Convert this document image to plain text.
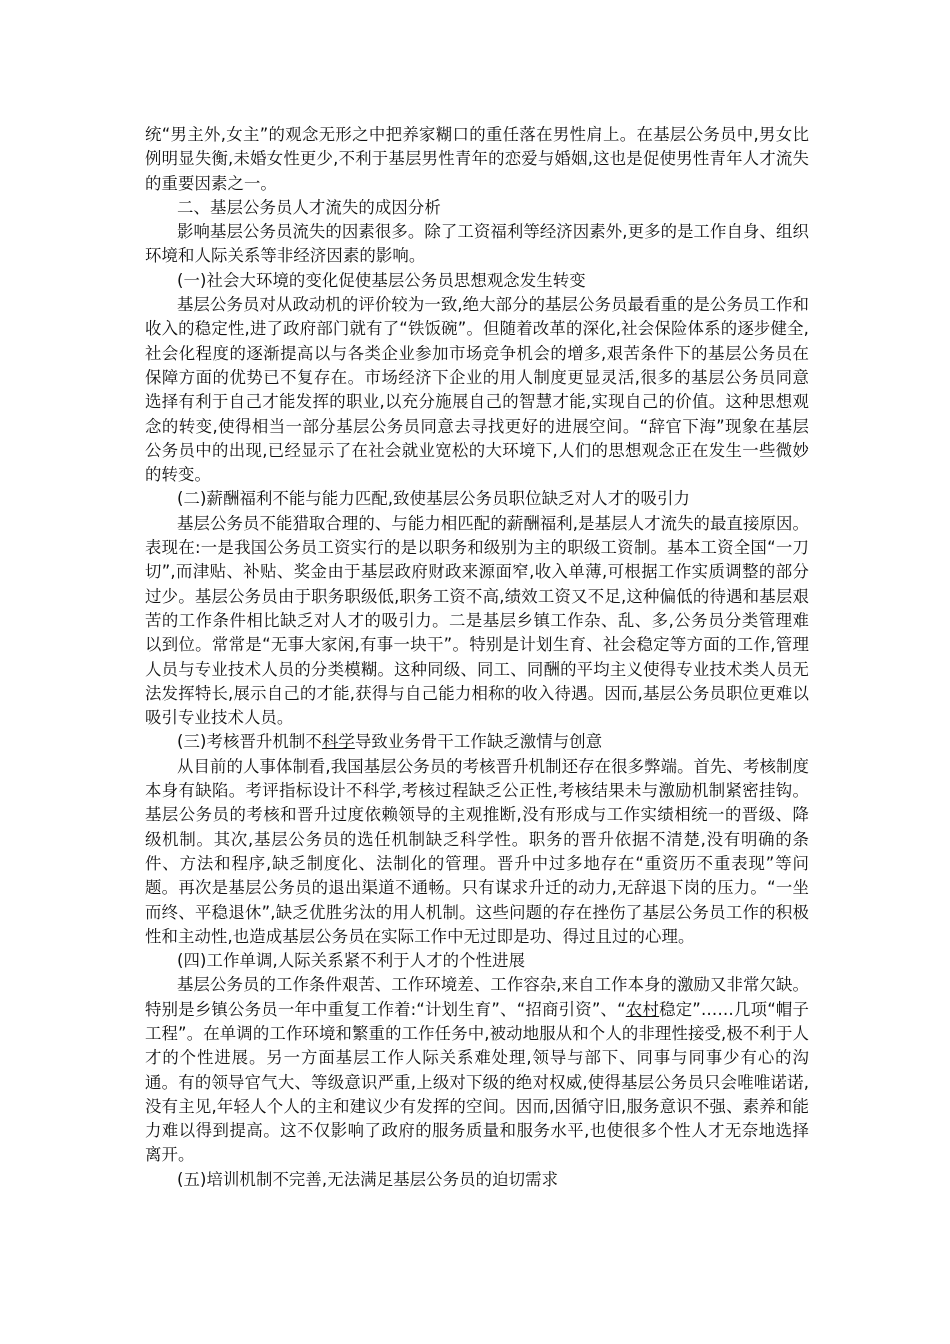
统“男主外,女主”的观念无形之中把养家糊口的重任落在男性肩上。在基层公务员中,男女比例明显失衡,未婚女性更少,不利于基层男性青年的恋爱与婚姻,这也是促使男性青年人才流失的重要因素之一。

二、基层公务员人才流失的成因分析

影响基层公务员流失的因素很多。除了工资福利等经济因素外,更多的是工作自身、组织环境和人际关系等非经济因素的影响。

(一)社会大环境的变化促使基层公务员思想观念发生转变

基层公务员对从政动机的评价较为一致,绝大部分的基层公务员最看重的是公务员工作和收入的稳定性,进了政府部门就有了“铁饭碗”。但随着改革的深化,社会保险体系的逐步健全,社会化程度的逐渐提高以与各类企业参加市场竞争机会的增多,艰苦条件下的基层公务员在保障方面的优势已不复存在。市场经济下企业的用人制度更显灵活,很多的基层公务员同意选择有利于自己才能发挥的职业,以充分施展自己的智慧才能,实现自己的价值。这种思想观念的转变,使得相当一部分基层公务员同意去寻找更好的进展空间。“辞官下海”现象在基层公务员中的出现,已经显示了在社会就业宽松的大环境下,人们的思想观念正在发生一些微妙的转变。

(二)薪酬福利不能与能力匹配,致使基层公务员职位缺乏对人才的吸引力

基层公务员不能猎取合理的、与能力相匹配的薪酬福利,是基层人才流失的最直接原因。表现在:一是我国公务员工资实行的是以职务和级别为主的职级工资制。基本工资全国“一刀切”,而津贴、补贴、奖金由于基层政府财政来源面窄,收入单薄,可根据工作实质调整的部分过少。基层公务员由于职务职级低,职务工资不高,绩效工资又不足,这种偏低的待遇和基层艰苦的工作条件相比缺乏对人才的吸引力。二是基层乡镇工作杂、乱、多,公务员分类管理难以到位。常常是“无事大家闲,有事一块干”。特别是计划生育、社会稳定等方面的工作,管理人员与专业技术人员的分类模糊。这种同级、同工、同酬的平均主义使得专业技术类人员无法发挥特长,展示自己的才能,获得与自己能力相称的收入待遇。因而,基层公务员职位更难以吸引专业技术人员。

(三)考核晋升机制不科学导致业务骨干工作缺乏激情与创意

从目前的人事体制看,我国基层公务员的考核晋升机制还存在很多弊端。首先、考核制度本身有缺陷。考评指标设计不科学,考核过程缺乏公正性,考核结果未与激励机制紧密挂钩。基层公务员的考核和晋升过度依赖领导的主观推断,没有形成与工作实绩相统一的晋级、降级机制。其次,基层公务员的选任机制缺乏科学性。职务的晋升依据不清楚,没有明确的条件、方法和程序,缺乏制度化、法制化的管理。晋升中过多地存在“重资历不重表现”等问题。再次是基层公务员的退出渠道不通畅。只有谋求升迁的动力,无辞退下岗的压力。“一坐而终、平稳退休”,缺乏优胜劣汰的用人机制。这些问题的存在挫伤了基层公务员工作的积极性和主动性,也造成基层公务员在实际工作中无过即是功、得过且过的心理。

(四)工作单调,人际关系紧不利于人才的个性进展

基层公务员的工作条件艰苦、工作环境差、工作容杂,来自工作本身的激励又非常欠缺。特别是乡镇公务员一年中重复工作着:“计划生育”、“招商引资”、“农村稳定”……几项“帽子工程”。在单调的工作环境和繁重的工作任务中,被动地服从和个人的非理性接受,极不利于人才的个性进展。另一方面基层工作人际关系难处理,领导与部下、同事与同事少有心的沟通。有的领导官气大、等级意识严重,上级对下级的绝对权威,使得基层公务员只会唯唯诺诺,没有主见,年轻人个人的主和建议少有发挥的空间。因而,因循守旧,服务意识不强、素养和能力难以得到提高。这不仅影响了政府的服务质量和服务水平,也使很多个性人才无奈地选择离开。

(五)培训机制不完善,无法满足基层公务员的迫切需求
